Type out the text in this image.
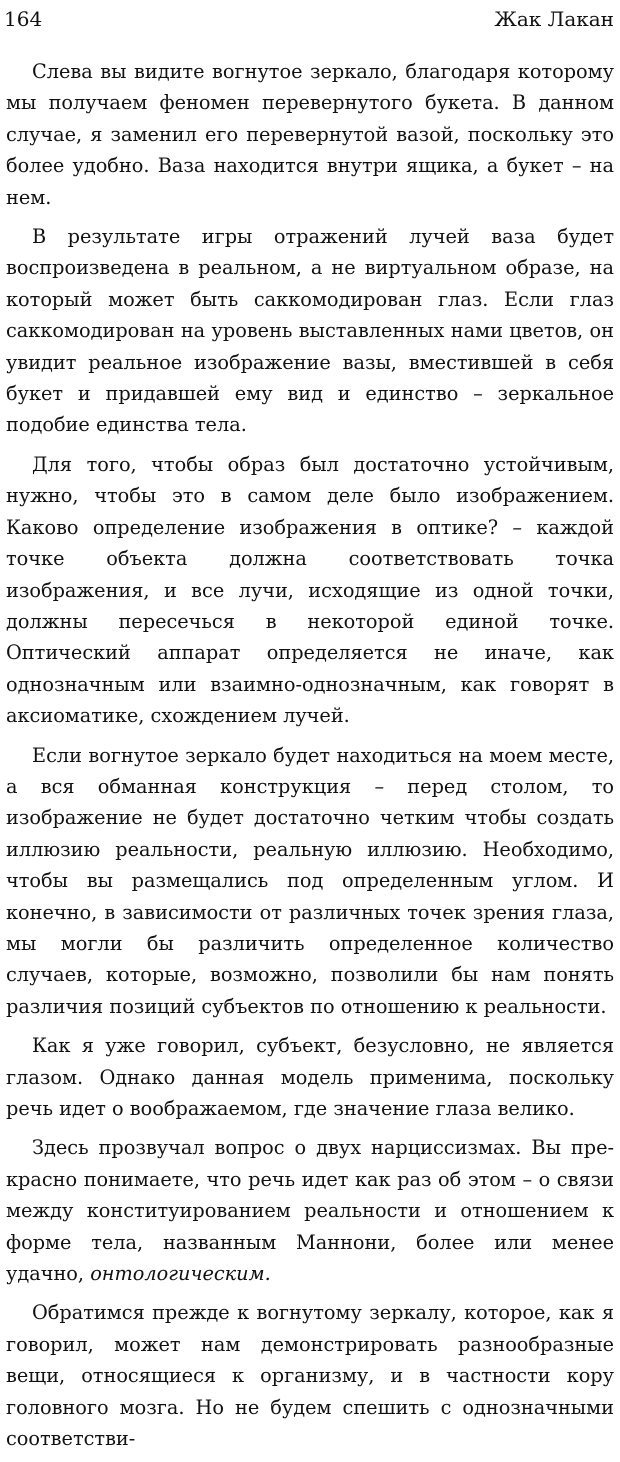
164	Жак Лакан

Слева вы видите вогнутое зеркало, благодаря которому мы получаем феномен перевернутого букета. В данном случае, я заменил его перевернутой вазой, поскольку это более удобно. Ваза находится внутри ящика, а букет – на нем.

В результате игры отражений лучей ваза будет воспроизведена в реальном, а не виртуальном образе, на который может быть саккомодирован глаз. Если глаз саккомодирован на уровень выставленных нами цветов, он увидит реальное изображение вазы, вместившей в себя букет и придавшей ему вид и единство – зеркальное подобие единства тела.

Для того, чтобы образ был достаточно устойчивым, нужно, чтобы это в самом деле было изображением. Каково определение изображения в оптике? – каждой точке объекта должна соответствовать точка изображения, и все лучи, исходящие из одной точки, должны пересечься в некоторой единой точке. Оптический аппарат определяется не иначе, как однозначным или взаимно-однозначным, как говорят в аксиоматике, схождением лучей.

Если вогнутое зеркало будет находиться на моем месте, а вся обманная конструкция – перед столом, то изображение не будет достаточно четким чтобы создать иллюзию реальности, реальную иллюзию. Необходимо, чтобы вы размещались под определенным углом. И конечно, в зависимости от различных точек зрения глаза, мы могли бы различить определенное количество случаев, которые, возможно, позволили бы нам понять различия позиций субъектов по отношению к реальности.

Как я уже говорил, субъект, безусловно, не является глазом. Однако данная модель применима, поскольку речь идет о воображаемом, где значение глаза велико.

Здесь прозвучал вопрос о двух нарциссизмах. Вы прекрасно понимаете, что речь идет как раз об этом – о связи между конституированием реальности и отношением к форме тела, названным Маннони, более или менее удачно, онтологическим.

Обратимся прежде к вогнутому зеркалу, которое, как я говорил, может нам демонстрировать разнообразные вещи, относящиеся к организму, и в частности кору головного мозга. Но не будем спешить с однозначными соответстви-
